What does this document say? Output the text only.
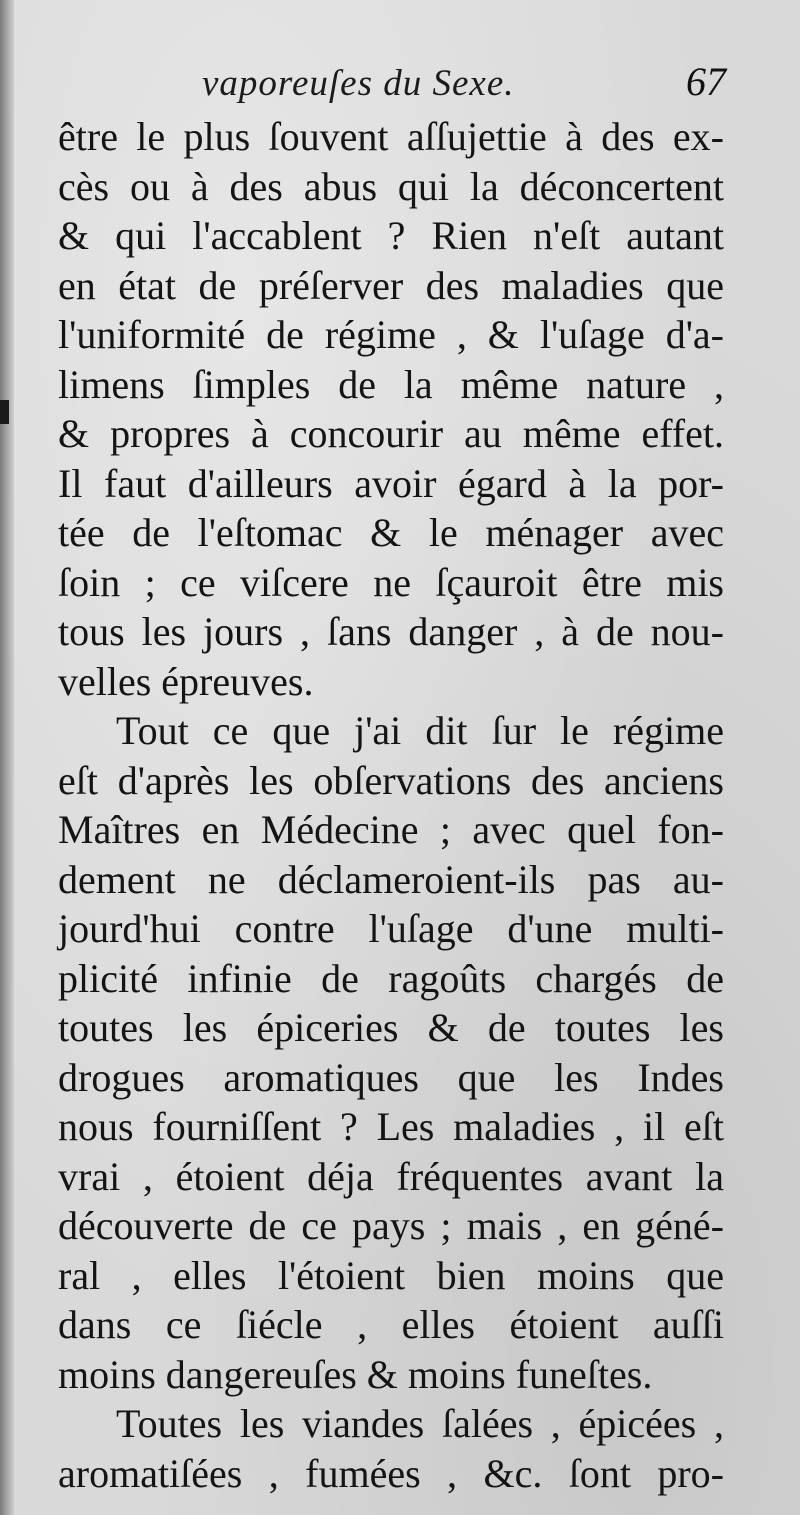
vaporeuſes du Sexe.	67
être le plus ſouvent aſſujettie à des ex-
cès ou à des abus qui la déconcertent
& qui l'accablent ? Rien n'eſt autant
en état de préſerver des maladies que
l'uniformité de régime , & l'uſage d'a-
limens ſimples de la même nature ,
& propres à concourir au même effet.
Il faut d'ailleurs avoir égard à la por-
tée de l'eſtomac & le ménager avec
ſoin ; ce viſcere ne ſçauroit être mis
tous les jours , ſans danger , à de nou-
velles épreuves.
Tout ce que j'ai dit ſur le régime
eſt d'après les obſervations des anciens
Maîtres en Médecine ; avec quel fon-
dement ne déclameroient-ils pas au-
jourd'hui contre l'uſage d'une multi-
plicité infinie de ragoûts chargés de
toutes les épiceries & de toutes les
drogues aromatiques que les Indes
nous fourniſſent ? Les maladies , il eſt
vrai , étoient déja fréquentes avant la
découverte de ce pays ; mais , en géné-
ral , elles l'étoient bien moins que
dans ce ſiécle , elles étoient auſſi
moins dangereuſes & moins funeſtes.
Toutes les viandes ſalées , épicées ,
aromatiſées , fumées , &c. ſont pro-
